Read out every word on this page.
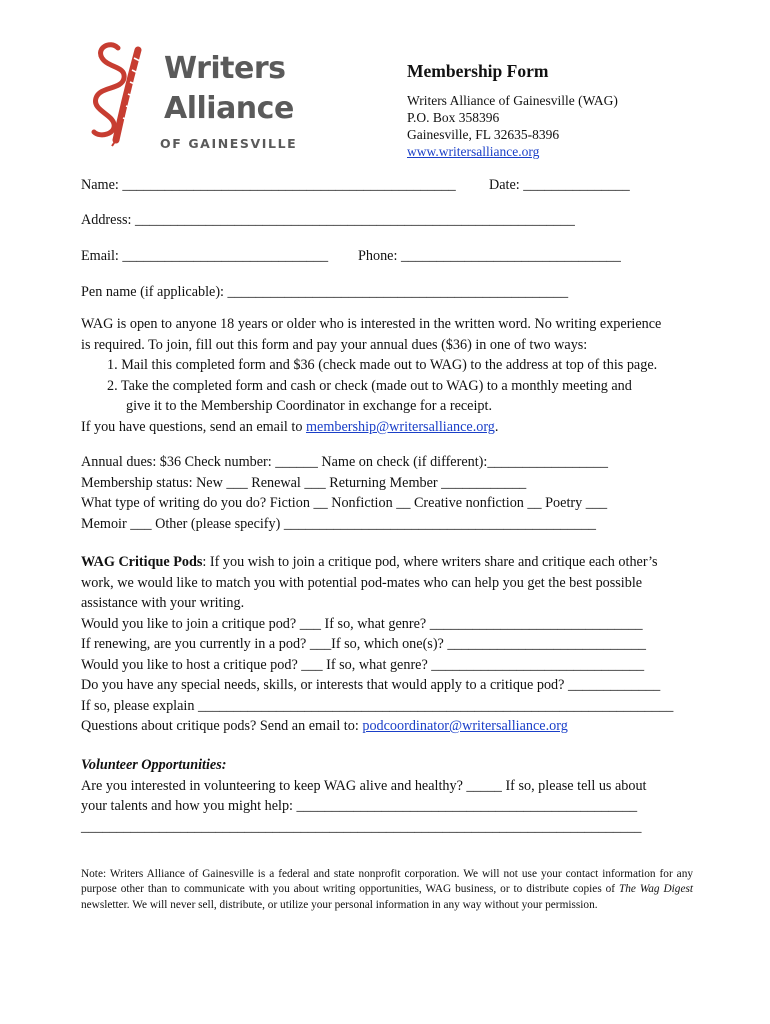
Writers
Alliance
OF GAINESVILLE
Membership Form
Writers Alliance of Gainesville (WAG)
P.O. Box 358396
Gainesville, FL 32635-8396
www.writersalliance.org
Name: _______________________________________________ Date: _______________
Address: ______________________________________________________________
Email: _____________________________ Phone: _______________________________
Pen name (if applicable): ________________________________________________
WAG is open to anyone 18 years or older who is interested in the written word. No writing experience
is required. To join, fill out this form and pay your annual dues ($36) in one of two ways:
1. Mail this completed form and $36 (check made out to WAG) to the address at top of this page.
2. Take the completed form and cash or check (made out to WAG) to a monthly meeting and
give it to the Membership Coordinator in exchange for a receipt.
If you have questions, send an email to membership@writersalliance.org.
Annual dues: $36 Check number: ______ Name on check (if different):_________________
Membership status: New ___ Renewal ___ Returning Member ____________
What type of writing do you do? Fiction __ Nonfiction __ Creative nonfiction __ Poetry ___
Memoir ___ Other (please specify) ____________________________________________
WAG Critique Pods: If you wish to join a critique pod, where writers share and critique each other’s
work, we would like to match you with potential pod-mates who can help you get the best possible
assistance with your writing.
Would you like to join a critique pod? ___ If so, what genre? ______________________________
If renewing, are you currently in a pod? ___If so, which one(s)? ____________________________
Would you like to host a critique pod? ___ If so, what genre? ______________________________
Do you have any special needs, skills, or interests that would apply to a critique pod? _____________
If so, please explain ___________________________________________________________________
Questions about critique pods? Send an email to: podcoordinator@writersalliance.org
Volunteer Opportunities:
Are you interested in volunteering to keep WAG alive and healthy? _____ If so, please tell us about
your talents and how you might help: ________________________________________________
_______________________________________________________________________________
Note: Writers Alliance of Gainesville is a federal and state nonprofit corporation. We will not use your contact information for any purpose other than to communicate with you about writing opportunities, WAG business, or to distribute copies of The Wag Digest newsletter. We will never sell, distribute, or utilize your personal information in any way without your permission.
